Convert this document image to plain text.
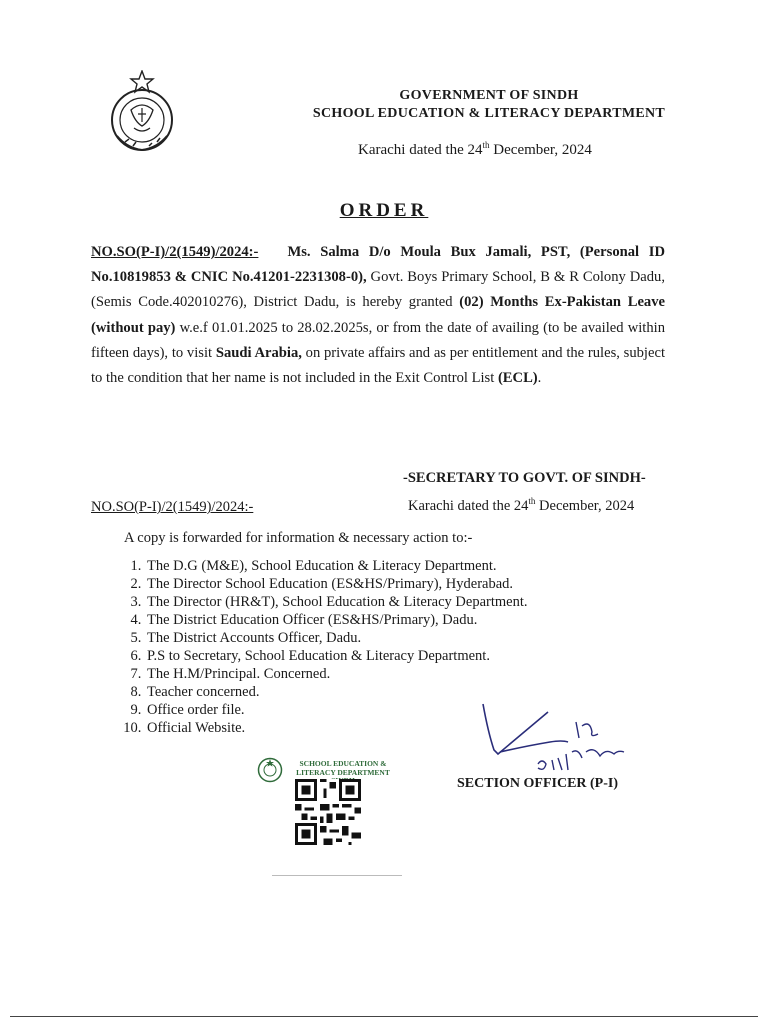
GOVERNMENT OF SINDH
SCHOOL EDUCATION & LITERACY DEPARTMENT
Karachi dated the 24th December, 2024
ORDER
NO.SO(P-I)/2(1549)/2024:- Ms. Salma D/o Moula Bux Jamali, PST, (Personal ID No.10819853 & CNIC No.41201-2231308-0), Govt. Boys Primary School, B & R Colony Dadu, (Semis Code.402010276), District Dadu, is hereby granted (02) Months Ex-Pakistan Leave (without pay) w.e.f 01.01.2025 to 28.02.2025s, or from the date of availing (to be availed within fifteen days), to visit Saudi Arabia, on private affairs and as per entitlement and the rules, subject to the condition that her name is not included in the Exit Control List (ECL).
-SECRETARY TO GOVT. OF SINDH-
NO.SO(P-I)/2(1549)/2024:-	Karachi dated the 24th December, 2024
A copy is forwarded for information & necessary action to:-
1. The D.G (M&E), School Education & Literacy Department.
2. The Director School Education (ES&HS/Primary), Hyderabad.
3. The Director (HR&T), School Education & Literacy Department.
4. The District Education Officer (ES&HS/Primary), Dadu.
5. The District Accounts Officer, Dadu.
6. P.S to Secretary, School Education & Literacy Department.
7. The H.M/Principal. Concerned.
8. Teacher concerned.
9. Office order file.
10. Official Website.
SCHOOL EDUCATION &
LITERACY DEPARTMENT
SECTION OFFICER (P-I)
